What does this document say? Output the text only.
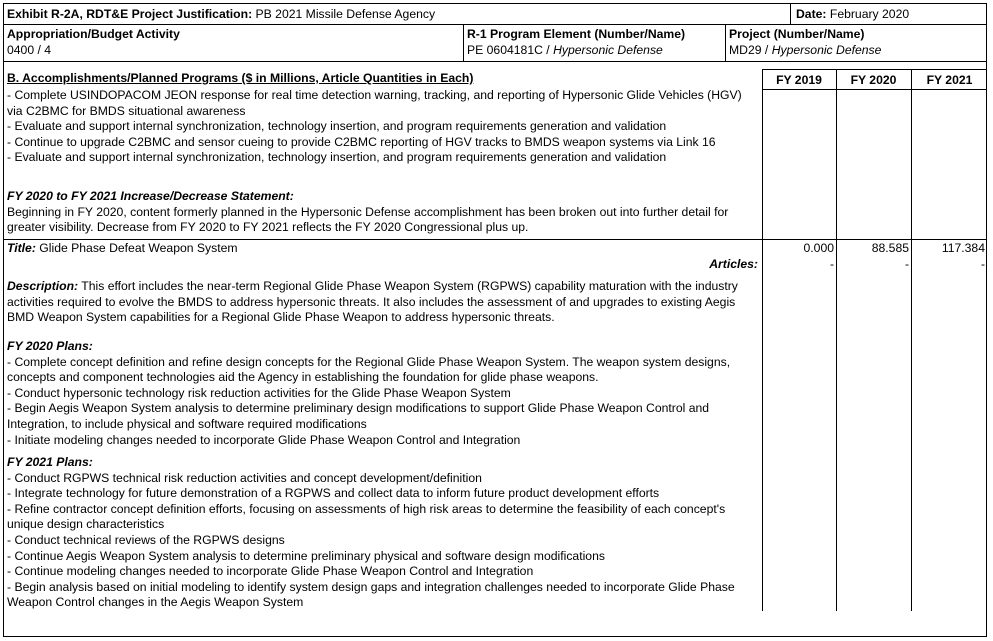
Exhibit R-2A, RDT&E Project Justification: PB 2021 Missile Defense Agency	Date: February 2020
Appropriation/Budget Activity
0400 / 4
R-1 Program Element (Number/Name)
PE 0604181C / Hypersonic Defense
Project (Number/Name)
MD29 / Hypersonic Defense
B. Accomplishments/Planned Programs ($ in Millions, Article Quantities in Each)	FY 2019	FY 2020	FY 2021
- Complete USINDOPACOM JEON response for real time detection warning, tracking, and reporting of Hypersonic Glide Vehicles (HGV) via C2BMC for BMDS situational awareness
- Evaluate and support internal synchronization, technology insertion, and program requirements generation and validation
- Continue to upgrade C2BMC and sensor cueing to provide C2BMC reporting of HGV tracks to BMDS weapon systems via Link 16
- Evaluate and support internal synchronization, technology insertion, and program requirements generation and validation
FY 2020 to FY 2021 Increase/Decrease Statement:
Beginning in FY 2020, content formerly planned in the Hypersonic Defense accomplishment has been broken out into further detail for greater visibility. Decrease from FY 2020 to FY 2021 reflects the FY 2020 Congressional plus up.
Title: Glide Phase Defeat Weapon System	0.000	88.585	117.384
Articles:	-	-	-
Description: This effort includes the near-term Regional Glide Phase Weapon System (RGPWS) capability maturation with the industry activities required to evolve the BMDS to address hypersonic threats. It also includes the assessment of and upgrades to existing Aegis BMD Weapon System capabilities for a Regional Glide Phase Weapon to address hypersonic threats.
FY 2020 Plans:
- Complete concept definition and refine design concepts for the Regional Glide Phase Weapon System. The weapon system designs, concepts and component technologies aid the Agency in establishing the foundation for glide phase weapons.
- Conduct hypersonic technology risk reduction activities for the Glide Phase Weapon System
- Begin Aegis Weapon System analysis to determine preliminary design modifications to support Glide Phase Weapon Control and Integration, to include physical and software required modifications
- Initiate modeling changes needed to incorporate Glide Phase Weapon Control and Integration
FY 2021 Plans:
- Conduct RGPWS technical risk reduction activities and concept development/definition
- Integrate technology for future demonstration of a RGPWS and collect data to inform future product development efforts
- Refine contractor concept definition efforts, focusing on assessments of high risk areas to determine the feasibility of each concept's unique design characteristics
- Conduct technical reviews of the RGPWS designs
- Continue Aegis Weapon System analysis to determine preliminary physical and software design modifications
- Continue modeling changes needed to incorporate Glide Phase Weapon Control and Integration
- Begin analysis based on initial modeling to identify system design gaps and integration challenges needed to incorporate Glide Phase Weapon Control changes in the Aegis Weapon System
